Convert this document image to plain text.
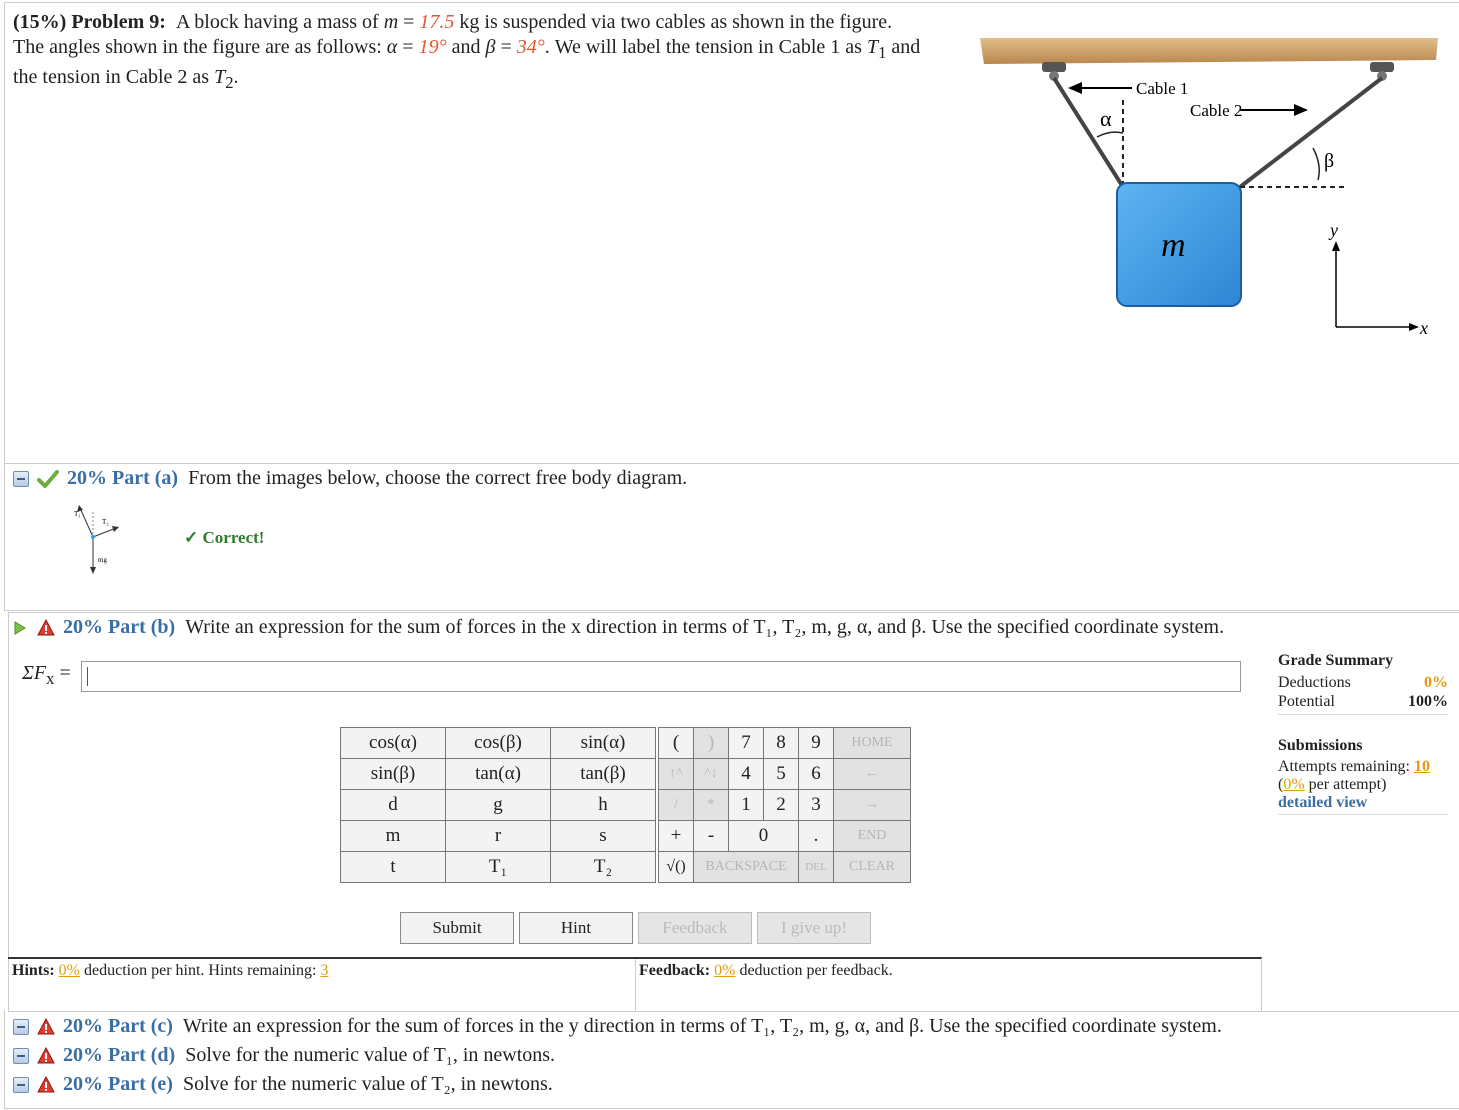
(15%) Problem 9: A block having a mass of m = 17.5 kg is suspended via two cables as shown in the figure. The angles shown in the figure are as follows: α = 19° and β = 34°. We will label the tension in Cable 1 as $T_1$ and the tension in Cable 2 as $T_2$.
Cable 1
Cable 2
α
β
m	y
x
20% Part (a) From the images below, choose the correct free body diagram.
T₁
T₂
mg
✓ Correct!
20% Part (b) Write an expression for the sum of forces in the x direction in terms of T₁, T₂, m, g, α, and β. Use the specified coordinate system.
$\Sigma F_x$ =
cos(α)	cos(β)	sin(α)		(	)	7	8	9	HOME
sin(β)	tan(α)	tan(β)		↑^	^↓	4	5	6	←
d	g	h		/	*	1	2	3	→
m	r	s		+	-	0		.	END
t	T₁	T₂		√()	BACKSPACE			DEL	CLEAR
Submit	Hint	Feedback	I give up!
Hints: 0% deduction per hint. Hints remaining: 3	Feedback: 0% deduction per feedback.
Grade Summary
Deductions	0%
Potential	100%
Submissions
Attempts remaining: 10
(0% per attempt)
detailed view
20% Part (c) Write an expression for the sum of forces in the y direction in terms of T₁, T₂, m, g, α, and β. Use the specified coordinate system.
20% Part (d) Solve for the numeric value of T₁, in newtons.
20% Part (e) Solve for the numeric value of T₂, in newtons.
